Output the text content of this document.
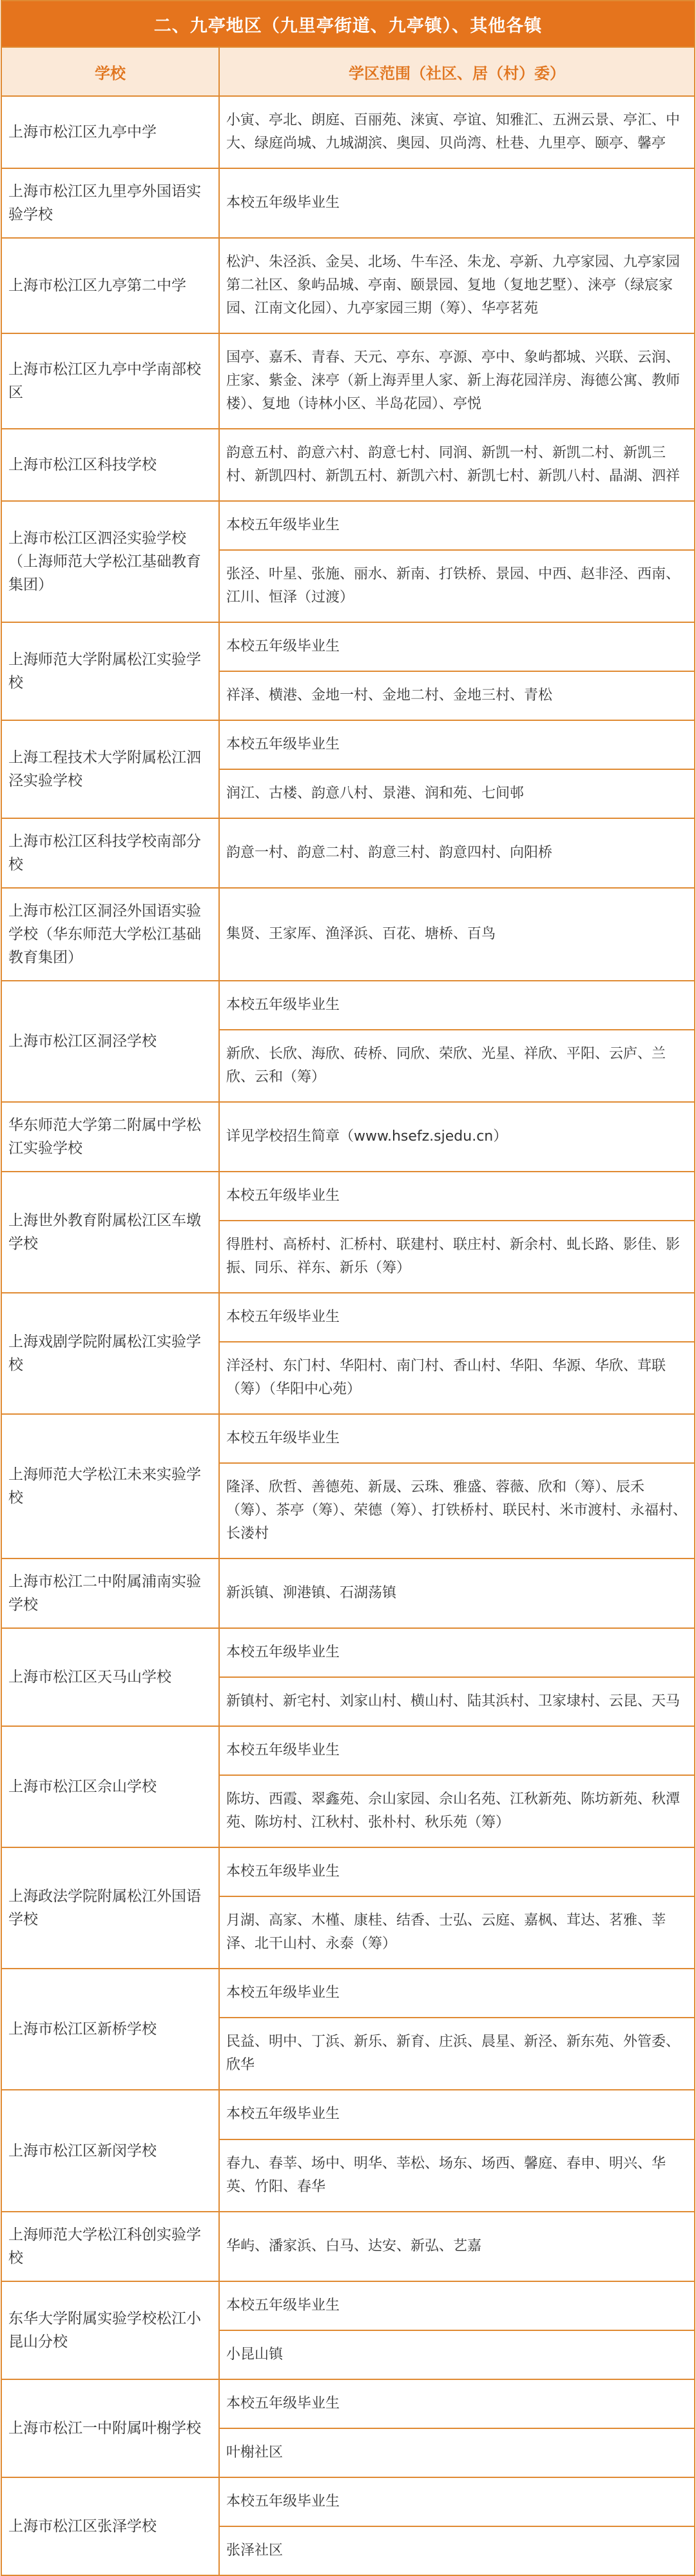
二、九亭地区（九里亭街道、九亭镇）、其他各镇	
学校	学区范围（社区、居（村）委）
上海市松江区九亭中学	小寅、亭北、朗庭、百丽苑、涞寅、亭谊、知雅汇、五洲云景、亭汇、中大、绿庭尚城、九城湖滨、奥园、贝尚湾、杜巷、九里亭、颐亭、馨亭
上海市松江区九里亭外国语实验学校	本校五年级毕业生
上海市松江区九亭第二中学	松沪、朱泾浜、金吴、北场、牛车泾、朱龙、亭新、九亭家园、九亭家园第二社区、象屿品城、亭南、颐景园、复地（复地艺墅）、涞亭（绿宸家园、江南文化园）、九亭家园三期（筹）、华亭茗苑
上海市松江区九亭中学南部校区	国亭、嘉禾、青春、天元、亭东、亭源、亭中、象屿都城、兴联、云润、庄家、紫金、涞亭（新上海弄里人家、新上海花园洋房、海德公寓、教师楼）、复地（诗林小区、半岛花园）、亭悦
上海市松江区科技学校	韵意五村、韵意六村、韵意七村、同润、新凯一村、新凯二村、新凯三村、新凯四村、新凯五村、新凯六村、新凯七村、新凯八村、晶湖、泗祥
上海市松江区泗泾实验学校（上海师范大学松江基础教育集团）	本校五年级毕业生
	张泾、叶星、张施、丽水、新南、打铁桥、景园、中西、赵非泾、西南、江川、恒泽（过渡）
上海师范大学附属松江实验学校	本校五年级毕业生
	祥泽、横港、金地一村、金地二村、金地三村、青松
上海工程技术大学附属松江泗泾实验学校	本校五年级毕业生
	润江、古楼、韵意八村、景港、润和苑、七间邨
上海市松江区科技学校南部分校	韵意一村、韵意二村、韵意三村、韵意四村、向阳桥
上海市松江区洞泾外国语实验学校（华东师范大学松江基础教育集团）	集贤、王家厍、渔泽浜、百花、塘桥、百鸟
上海市松江区洞泾学校	本校五年级毕业生
	新欣、长欣、海欣、砖桥、同欣、荣欣、光星、祥欣、平阳、云庐、兰欣、云和（筹）
华东师范大学第二附属中学松江实验学校	详见学校招生简章（www.hsefz.sjedu.cn）
上海世外教育附属松江区车墩学校	本校五年级毕业生
	得胜村、高桥村、汇桥村、联建村、联庄村、新余村、虬长路、影佳、影振、同乐、祥东、新乐（筹）
上海戏剧学院附属松江实验学校	本校五年级毕业生
	洋泾村、东门村、华阳村、南门村、香山村、华阳、华源、华欣、茸联（筹）（华阳中心苑）
上海师范大学松江未来实验学校	本校五年级毕业生
	隆泽、欣哲、善德苑、新晟、云珠、雅盛、蓉薇、欣和（筹）、辰禾（筹）、茶亭（筹）、荣德（筹）、打铁桥村、联民村、米市渡村、永福村、长溇村
上海市松江二中附属浦南实验学校	新浜镇、泖港镇、石湖荡镇
上海市松江区天马山学校	本校五年级毕业生
	新镇村、新宅村、刘家山村、横山村、陆其浜村、卫家埭村、云昆、天马
上海市松江区佘山学校	本校五年级毕业生
	陈坊、西霞、翠鑫苑、佘山家园、佘山名苑、江秋新苑、陈坊新苑、秋潭苑、陈坊村、江秋村、张朴村、秋乐苑（筹）
上海政法学院附属松江外国语学校	本校五年级毕业生
	月湖、高家、木槿、康桂、结香、士弘、云庭、嘉枫、茸达、茗雅、莘泽、北干山村、永泰（筹）
上海市松江区新桥学校	本校五年级毕业生
	民益、明中、丁浜、新乐、新育、庄浜、晨星、新泾、新东苑、外管委、欣华
上海市松江区新闵学校	本校五年级毕业生
	春九、春莘、场中、明华、莘松、场东、场西、馨庭、春申、明兴、华英、竹阳、春华
上海师范大学松江科创实验学校	华屿、潘家浜、白马、达安、新弘、艺嘉
东华大学附属实验学校松江小昆山分校	本校五年级毕业生
	小昆山镇
上海市松江一中附属叶榭学校	本校五年级毕业生
	叶榭社区
上海市松江区张泽学校	本校五年级毕业生
	张泽社区
